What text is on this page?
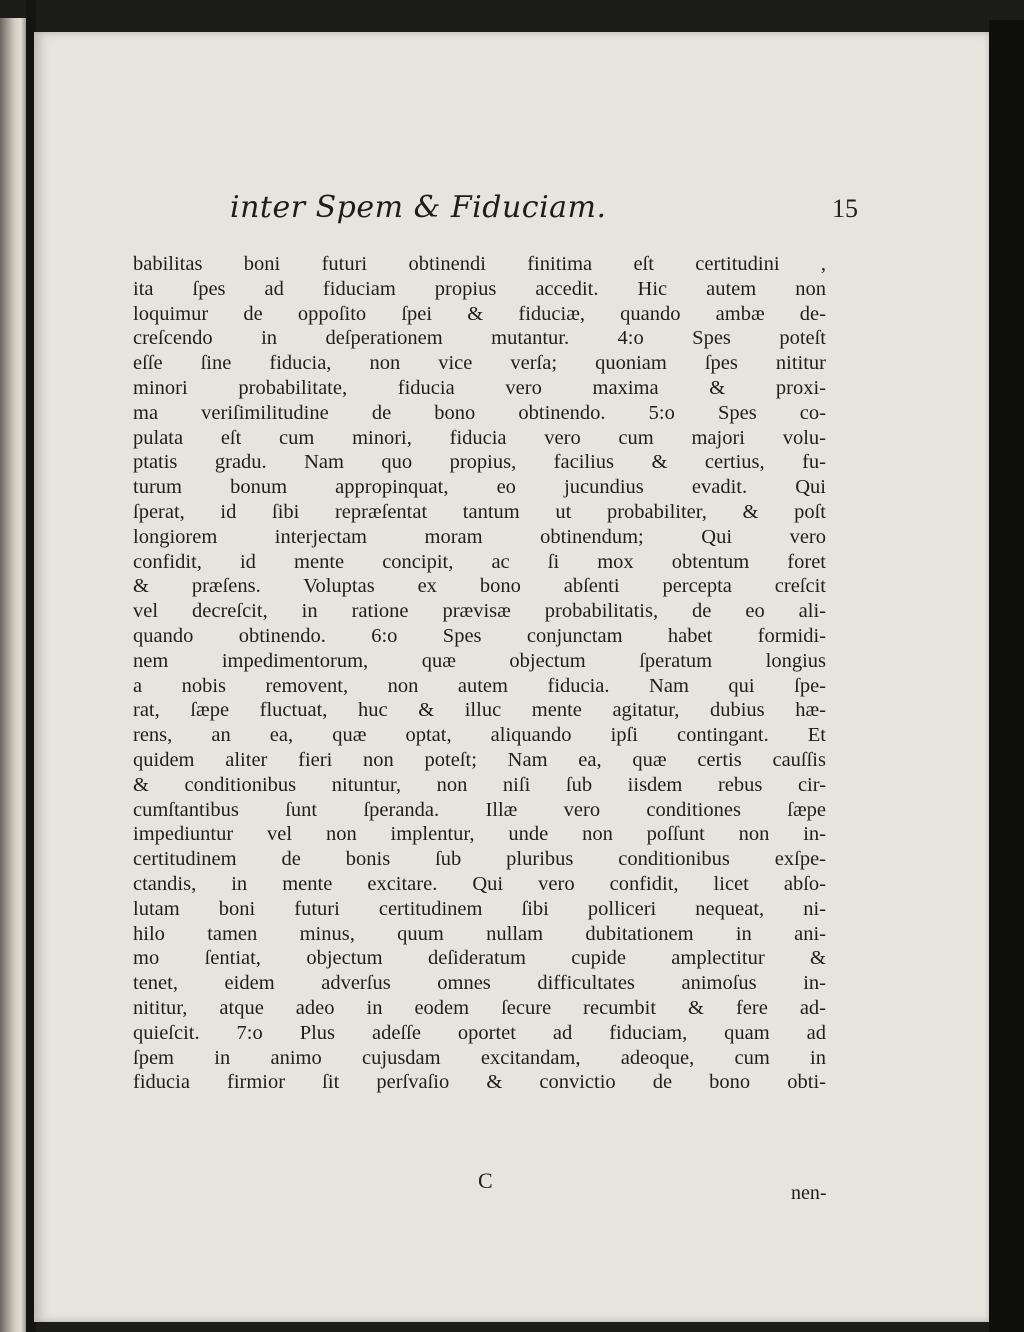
inter Spem & Fiduciam.	15
babilitas boni futuri obtinendi finitima eſt certitudini ,
ita ſpes ad fiduciam propius accedit. Hic autem non
loquimur de oppoſito ſpei & fiduciæ, quando ambæ de-
creſcendo in deſperationem mutantur. 4:o Spes poteſt
eſſe ſine fiducia, non vice verſa; quoniam ſpes nititur
minori probabilitate, fiducia vero maxima & proxi-
ma veriſimilitudine de bono obtinendo. 5:o Spes co-
pulata eſt cum minori, fiducia vero cum majori volu-
ptatis gradu. Nam quo propius, facilius & certius, fu-
turum bonum appropinquat, eo jucundius evadit. Qui
ſperat, id ſibi repræſentat tantum ut probabiliter, & poſt
longiorem interjectam moram obtinendum; Qui vero
confidit, id mente concipit, ac ſi mox obtentum foret
& præſens. Voluptas ex bono abſenti percepta creſcit
vel decreſcit, in ratione prævisæ probabilitatis, de eo ali-
quando obtinendo. 6:o Spes conjunctam habet formidi-
nem impedimentorum, quæ objectum ſperatum longius
a nobis removent, non autem fiducia. Nam qui ſpe-
rat, ſæpe fluctuat, huc & illuc mente agitatur, dubius hæ-
rens, an ea, quæ optat, aliquando ipſi contingant. Et
quidem aliter fieri non poteſt; Nam ea, quæ certis cauſſis
& conditionibus nituntur, non niſi ſub iisdem rebus cir-
cumſtantibus ſunt ſperanda. Illæ vero conditiones ſæpe
impediuntur vel non implentur, unde non poſſunt non in-
certitudinem de bonis ſub pluribus conditionibus exſpe-
ctandis, in mente excitare. Qui vero confidit, licet abſo-
lutam boni futuri certitudinem ſibi polliceri nequeat, ni-
hilo tamen minus, quum nullam dubitationem in ani-
mo ſentiat, objectum deſideratum cupide amplectitur &
tenet, eidem adverſus omnes difficultates animoſus in-
nititur, atque adeo in eodem ſecure recumbit & fere ad-
quieſcit. 7:o Plus adeſſe oportet ad fiduciam, quam ad
ſpem in animo cujusdam excitandam, adeoque, cum in
fiducia firmior ſit perſvaſio & convictio de bono obti-
C	nen-
